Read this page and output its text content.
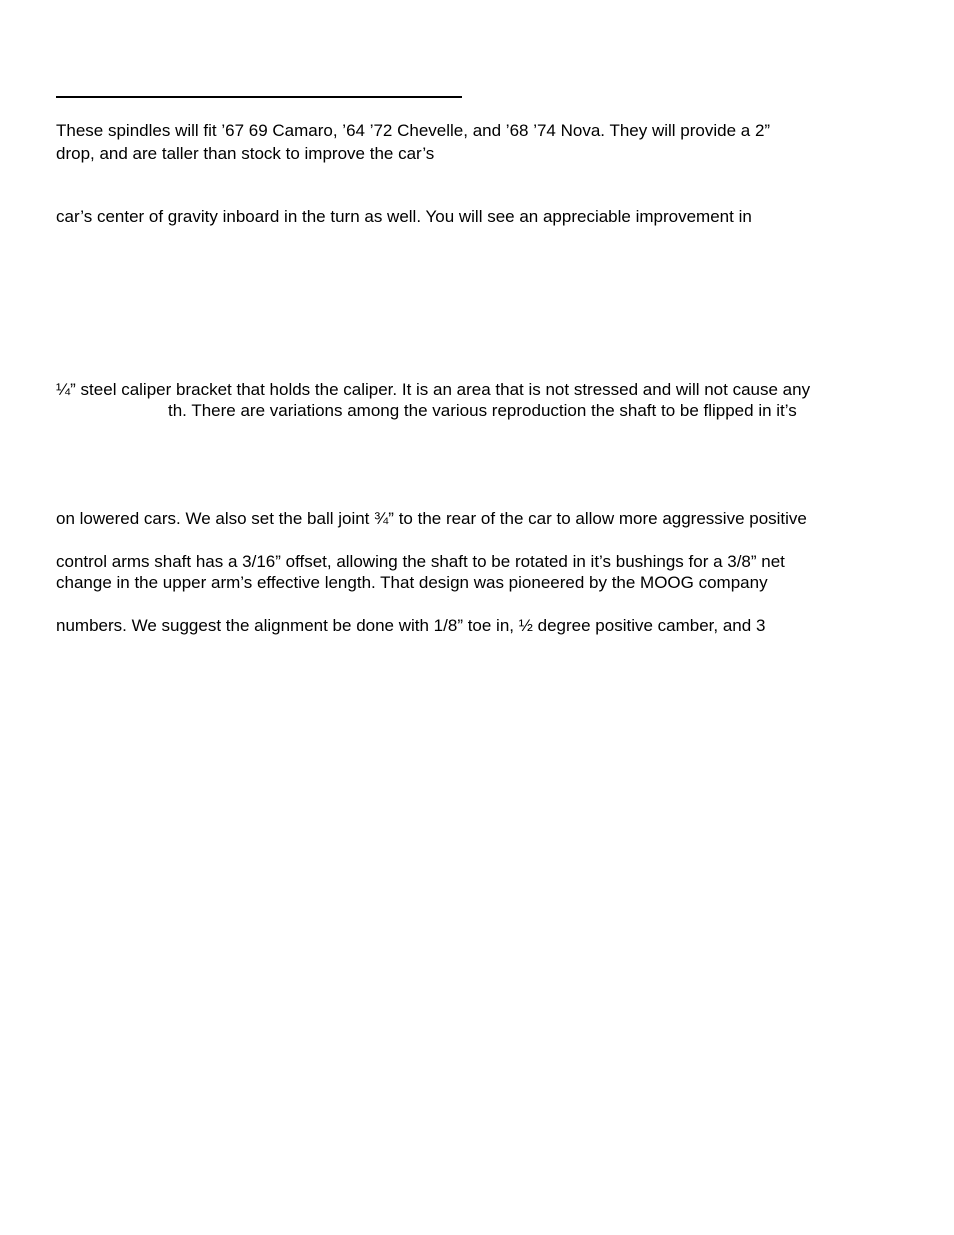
These spindles will fit ’67 69 Camaro, ’64 ’72 Chevelle, and ’68 ’74 Nova. They will provide a 2”

drop, and are taller than stock to improve the car’s

car’s center of gravity inboard in the turn as well. You will see an appreciable improvement in

¼” steel caliper bracket that holds the caliper. It is an area that is not stressed and will not cause any

th. There are variations among the various reproduction the shaft to be flipped in it’s

on lowered cars. We also set the ball joint ¾” to the rear of the car to allow more aggressive positive

control arms shaft has a 3/16” offset, allowing the shaft to be rotated in it’s bushings for a 3/8” net

change in the upper arm’s effective length. That design was pioneered by the MOOG company

numbers. We suggest the alignment be done with 1/8” toe in, ½ degree positive camber, and 3
